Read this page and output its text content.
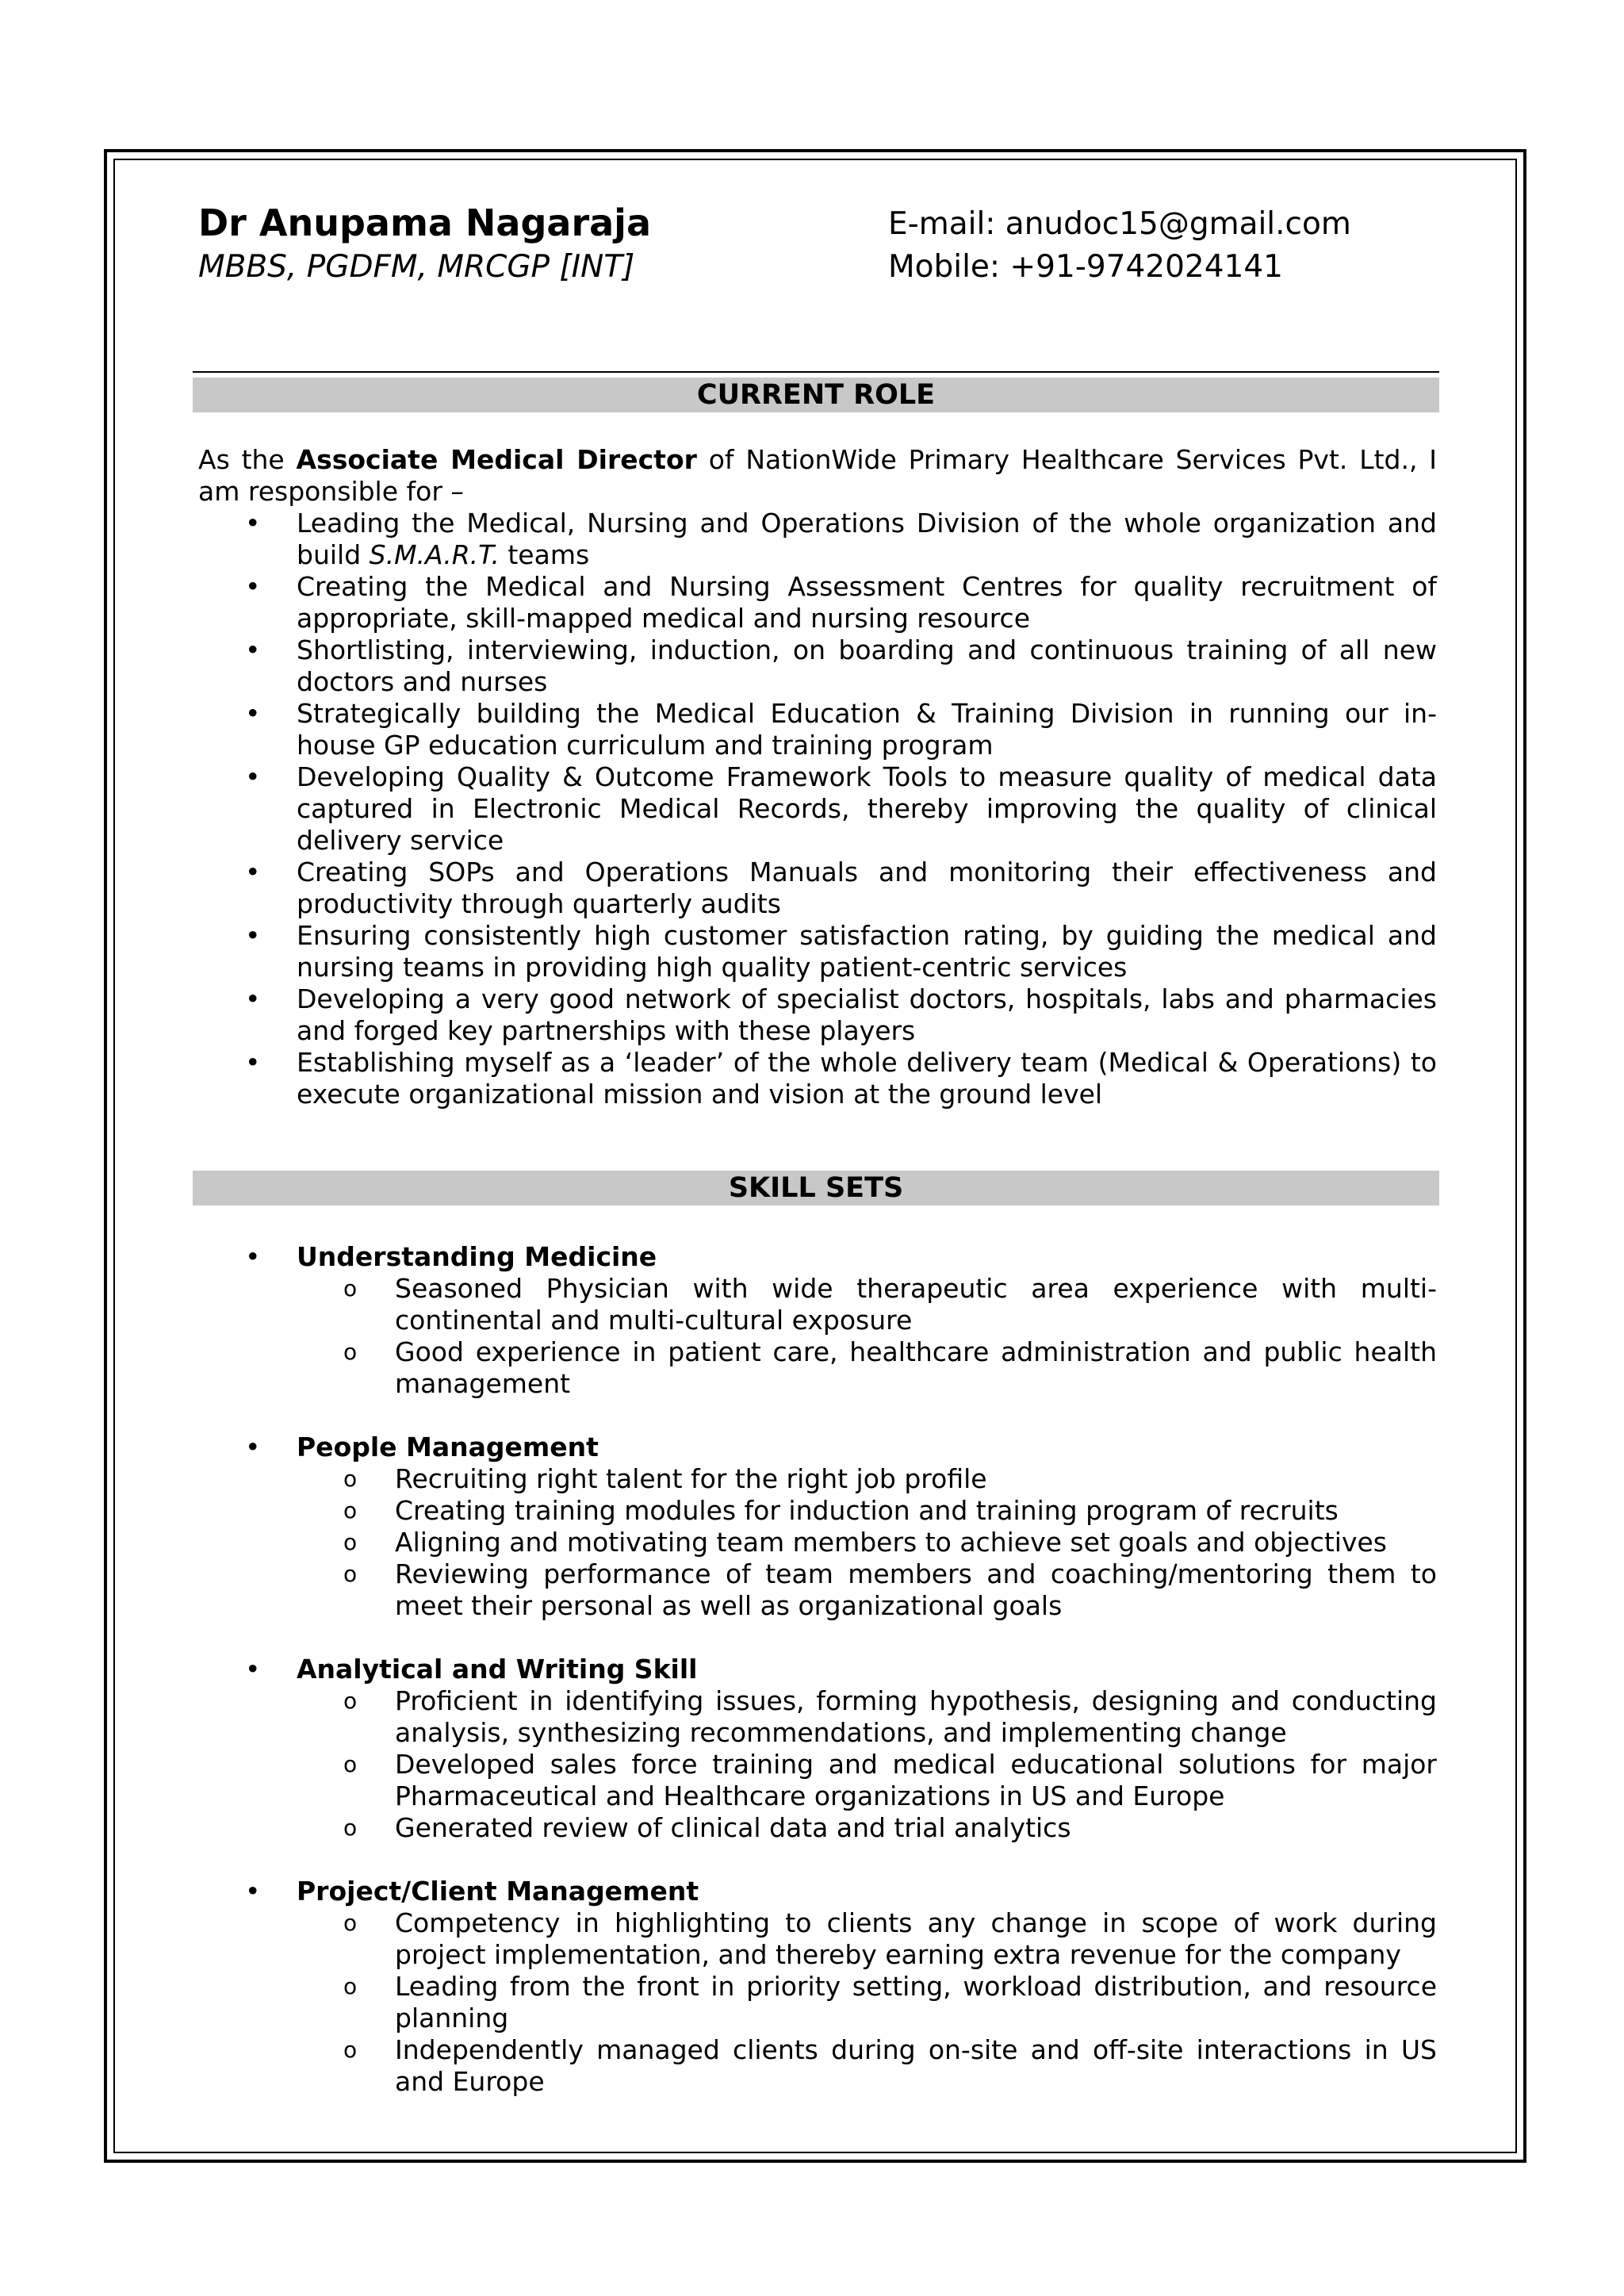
Dr Anupama Nagaraja
MBBS, PGDFM, MRCGP [INT]
E-mail: anudoc15@gmail.com
Mobile: +91-9742024141
CURRENT ROLE

As the Associate Medical Director of NationWide Primary Healthcare Services Pvt. Ltd., I am responsible for –

• Leading the Medical, Nursing and Operations Division of the whole organization and build S.M.A.R.T. teams
• Creating the Medical and Nursing Assessment Centres for quality recruitment of appropriate, skill-mapped medical and nursing resource
• Shortlisting, interviewing, induction, on boarding and continuous training of all new doctors and nurses
• Strategically building the Medical Education & Training Division in running our in-house GP education curriculum and training program
• Developing Quality & Outcome Framework Tools to measure quality of medical data captured in Electronic Medical Records, thereby improving the quality of clinical delivery service
• Creating SOPs and Operations Manuals and monitoring their effectiveness and productivity through quarterly audits
• Ensuring consistently high customer satisfaction rating, by guiding the medical and nursing teams in providing high quality patient-centric services
• Developing a very good network of specialist doctors, hospitals, labs and pharmacies and forged key partnerships with these players
• Establishing myself as a ‘leader’ of the whole delivery team (Medical & Operations) to execute organizational mission and vision at the ground level
SKILL SETS
• Understanding Medicine
o Seasoned Physician with wide therapeutic area experience with multi-continental and multi-cultural exposure
o Good experience in patient care, healthcare administration and public health management
• People Management
o Recruiting right talent for the right job profile
o Creating training modules for induction and training program of recruits
o Aligning and motivating team members to achieve set goals and objectives
o Reviewing performance of team members and coaching/mentoring them to meet their personal as well as organizational goals
• Analytical and Writing Skill
o Proficient in identifying issues, forming hypothesis, designing and conducting analysis, synthesizing recommendations, and implementing change
o Developed sales force training and medical educational solutions for major Pharmaceutical and Healthcare organizations in US and Europe
o Generated review of clinical data and trial analytics
• Project/Client Management
o Competency in highlighting to clients any change in scope of work during project implementation, and thereby earning extra revenue for the company
o Leading from the front in priority setting, workload distribution, and resource planning
o Independently managed clients during on-site and off-site interactions in US and Europe
